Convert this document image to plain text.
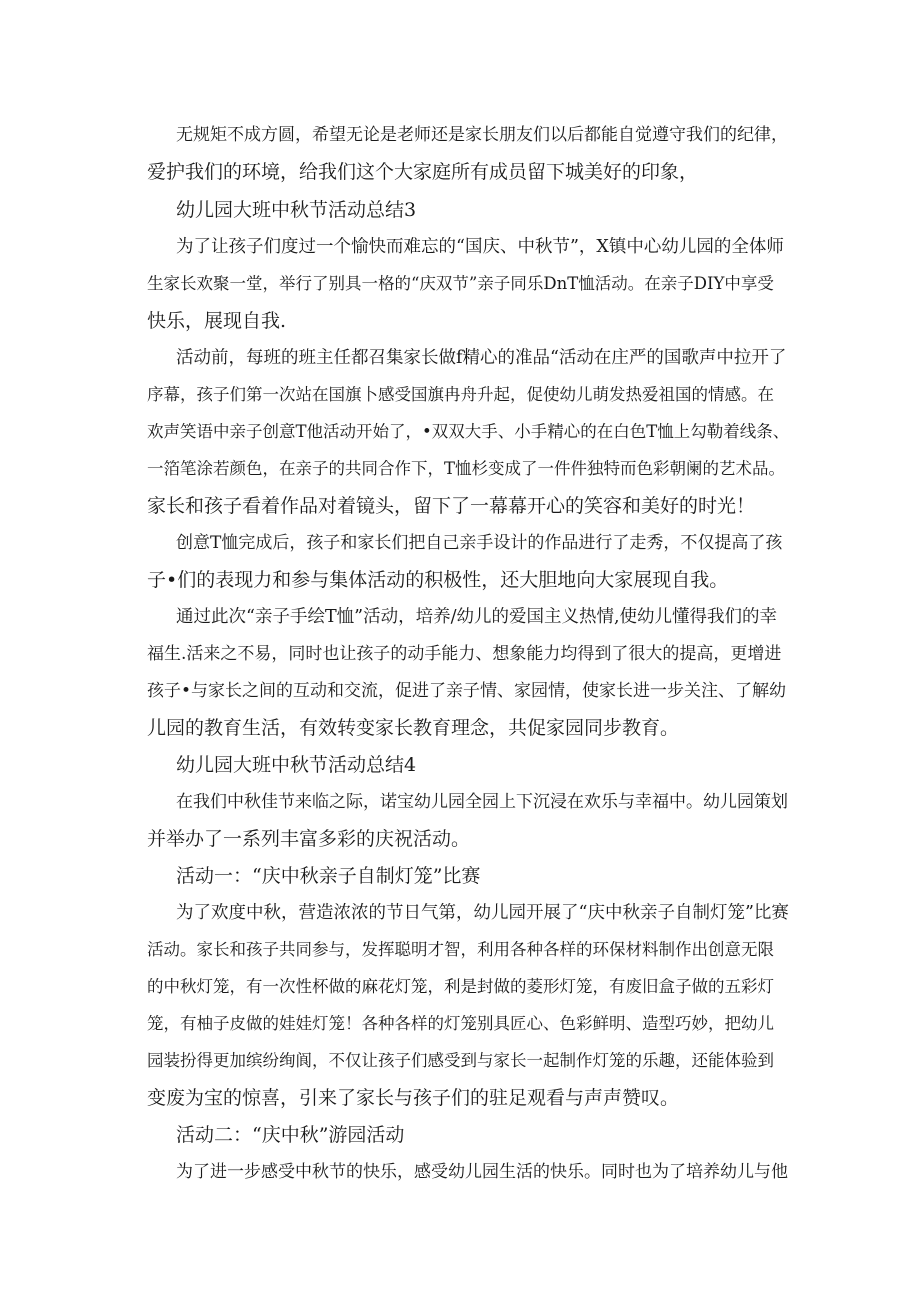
无规矩不成方圆，希望无论是老师还是家长朋友们以后都能自觉遵守我们的纪律，

爱护我们的环境，给我们这个大家庭所有成员留下城美好的印象，

幼儿园大班中秋节活动总结3

为了让孩子们度过一个愉快而难忘的“国庆、中秋节”，X镇中心幼儿园的全体师

生家长欢聚一堂，举行了别具一格的“庆双节”亲子同乐DnT恤活动。在亲子DIY中享受

快乐，展现自我.

活动前，每班的班主任都召集家长做f精心的准品“活动在庄严的国歌声中拉开了

序幕，孩子们第一次站在国旗卜感受国旗冉舟升起，促使幼儿萌发热爱祖国的情感。在

欢声笑语中亲子创意T他活动开始了，•双双大手、小手精心的在白色T恤上勾勒着线条、

一箔笔涂若颜色，在亲子的共同合作下，T恤杉变成了一件件独特而色彩朝阑的艺术品。

家长和孩子看着作品对着镜头，留下了一幕幕开心的笑容和美好的时光！

创意T恤完成后，孩子和家长们把自己亲手设计的作品进行了走秀，不仅提高了孩

子•们的表现力和参与集体活动的积极性，还大胆地向大家展现自我。

通过此次“亲子手绘T恤”活动，培养/幼儿的爱国主义热情,使幼儿懂得我们的幸

福生.活来之不易，同时也让孩子的动手能力、想象能力均得到了很大的提高，更增进

孩子•与家长之间的互动和交流，促进了亲子情、家园情，使家长进一步关注、了解幼

儿园的教育生活，有效转变家长教育理念，共促家园同步教育。

幼儿园大班中秋节活动总结4

在我们中秋佳节来临之际，诺宝幼儿园全园上下沉浸在欢乐与幸福中。幼儿园策划

并举办了一系列丰富多彩的庆祝活动。

活动一：“庆中秋亲子自制灯笼”比赛

为了欢度中秋，营造浓浓的节日气第，幼儿园开展了“庆中秋亲子自制灯笼”比赛

活动。家长和孩子共同参与，发挥聪明才智，利用各种各样的环保材料制作出创意无限

的中秋灯笼，有一次性杯做的麻花灯笼，利是封做的菱形灯笼，有废旧盒子做的五彩灯

笼，有柚子皮做的娃娃灯笼！各种各样的灯笼别具匠心、色彩鲜明、造型巧妙，把幼儿

园装扮得更加缤纷绚阆，不仅让孩子们感受到与家长一起制作灯笼的乐趣，还能体验到

变废为宝的惊喜，引来了家长与孩子们的驻足观看与声声赞叹。

活动二：“庆中秋”游园活动

为了进一步感受中秋节的快乐，感受幼儿园生活的快乐。同时也为了培养幼儿与他
